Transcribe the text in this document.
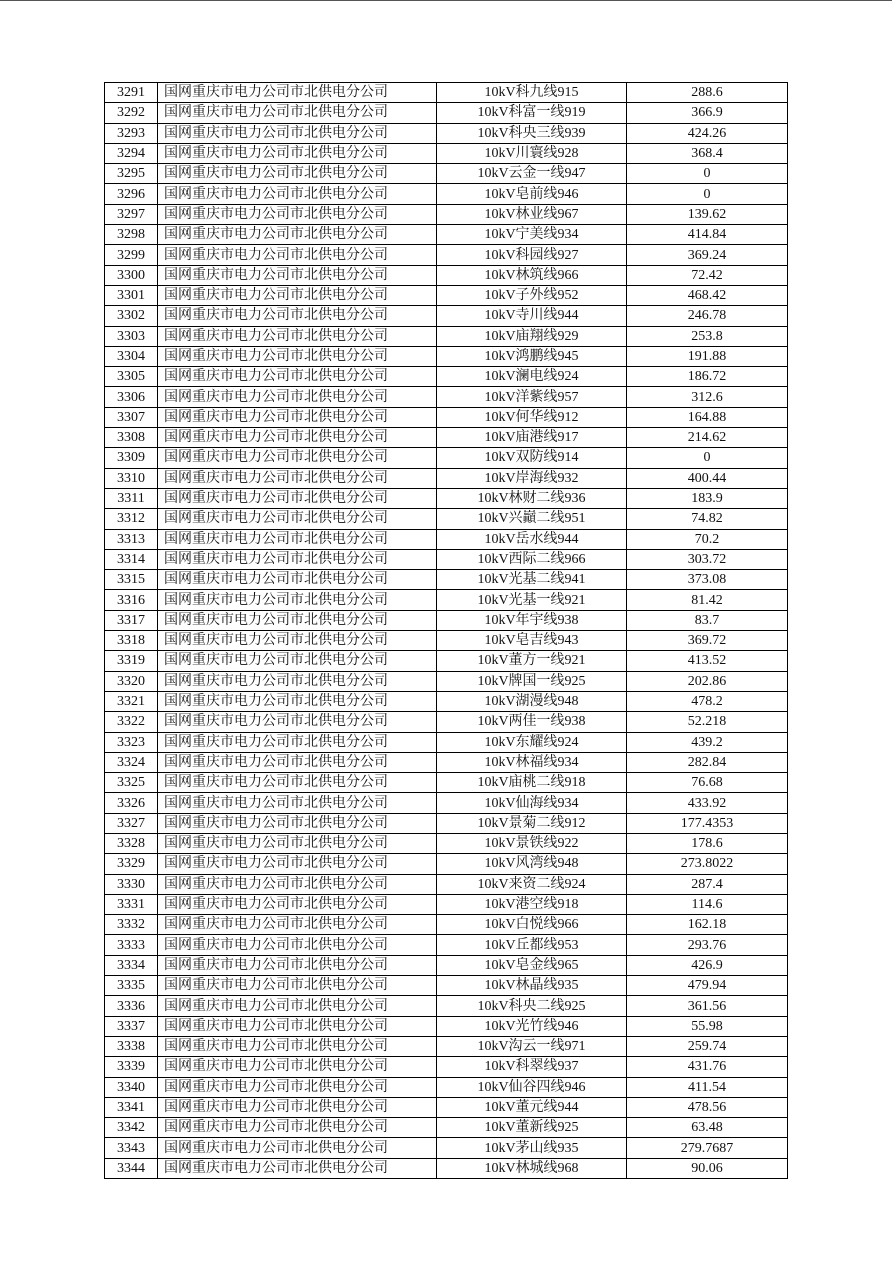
3291	国网重庆市电力公司市北供电分公司	10kV科九线915	288.6
3292	国网重庆市电力公司市北供电分公司	10kV科富一线919	366.9
3293	国网重庆市电力公司市北供电分公司	10kV科央三线939	424.26
3294	国网重庆市电力公司市北供电分公司	10kV川寰线928	368.4
3295	国网重庆市电力公司市北供电分公司	10kV云金一线947	0
3296	国网重庆市电力公司市北供电分公司	10kV皂前线946	0
3297	国网重庆市电力公司市北供电分公司	10kV林业线967	139.62
3298	国网重庆市电力公司市北供电分公司	10kV宁美线934	414.84
3299	国网重庆市电力公司市北供电分公司	10kV科园线927	369.24
3300	国网重庆市电力公司市北供电分公司	10kV林筑线966	72.42
3301	国网重庆市电力公司市北供电分公司	10kV子外线952	468.42
3302	国网重庆市电力公司市北供电分公司	10kV寺川线944	246.78
3303	国网重庆市电力公司市北供电分公司	10kV庙翔线929	253.8
3304	国网重庆市电力公司市北供电分公司	10kV鸿鹏线945	191.88
3305	国网重庆市电力公司市北供电分公司	10kV澜电线924	186.72
3306	国网重庆市电力公司市北供电分公司	10kV洋紫线957	312.6
3307	国网重庆市电力公司市北供电分公司	10kV何华线912	164.88
3308	国网重庆市电力公司市北供电分公司	10kV庙港线917	214.62
3309	国网重庆市电力公司市北供电分公司	10kV双防线914	0
3310	国网重庆市电力公司市北供电分公司	10kV岸海线932	400.44
3311	国网重庆市电力公司市北供电分公司	10kV林财二线936	183.9
3312	国网重庆市电力公司市北供电分公司	10kV兴巓二线951	74.82
3313	国网重庆市电力公司市北供电分公司	10kV岳水线944	70.2
3314	国网重庆市电力公司市北供电分公司	10kV西际二线966	303.72
3315	国网重庆市电力公司市北供电分公司	10kV光基二线941	373.08
3316	国网重庆市电力公司市北供电分公司	10kV光基一线921	81.42
3317	国网重庆市电力公司市北供电分公司	10kV年宇线938	83.7
3318	国网重庆市电力公司市北供电分公司	10kV皂吉线943	369.72
3319	国网重庆市电力公司市北供电分公司	10kV董方一线921	413.52
3320	国网重庆市电力公司市北供电分公司	10kV牌国一线925	202.86
3321	国网重庆市电力公司市北供电分公司	10kV湖漫线948	478.2
3322	国网重庆市电力公司市北供电分公司	10kV两佳一线938	52.218
3323	国网重庆市电力公司市北供电分公司	10kV东耀线924	439.2
3324	国网重庆市电力公司市北供电分公司	10kV林福线934	282.84
3325	国网重庆市电力公司市北供电分公司	10kV庙桃二线918	76.68
3326	国网重庆市电力公司市北供电分公司	10kV仙海线934	433.92
3327	国网重庆市电力公司市北供电分公司	10kV景菊二线912	177.4353
3328	国网重庆市电力公司市北供电分公司	10kV景铁线922	178.6
3329	国网重庆市电力公司市北供电分公司	10kV风湾线948	273.8022
3330	国网重庆市电力公司市北供电分公司	10kV来资二线924	287.4
3331	国网重庆市电力公司市北供电分公司	10kV港空线918	114.6
3332	国网重庆市电力公司市北供电分公司	10kV白悦线966	162.18
3333	国网重庆市电力公司市北供电分公司	10kV丘都线953	293.76
3334	国网重庆市电力公司市北供电分公司	10kV皂金线965	426.9
3335	国网重庆市电力公司市北供电分公司	10kV林晶线935	479.94
3336	国网重庆市电力公司市北供电分公司	10kV科央二线925	361.56
3337	国网重庆市电力公司市北供电分公司	10kV光竹线946	55.98
3338	国网重庆市电力公司市北供电分公司	10kV沟云一线971	259.74
3339	国网重庆市电力公司市北供电分公司	10kV科翠线937	431.76
3340	国网重庆市电力公司市北供电分公司	10kV仙谷四线946	411.54
3341	国网重庆市电力公司市北供电分公司	10kV董元线944	478.56
3342	国网重庆市电力公司市北供电分公司	10kV董新线925	63.48
3343	国网重庆市电力公司市北供电分公司	10kV茅山线935	279.7687
3344	国网重庆市电力公司市北供电分公司	10kV林城线968	90.06
